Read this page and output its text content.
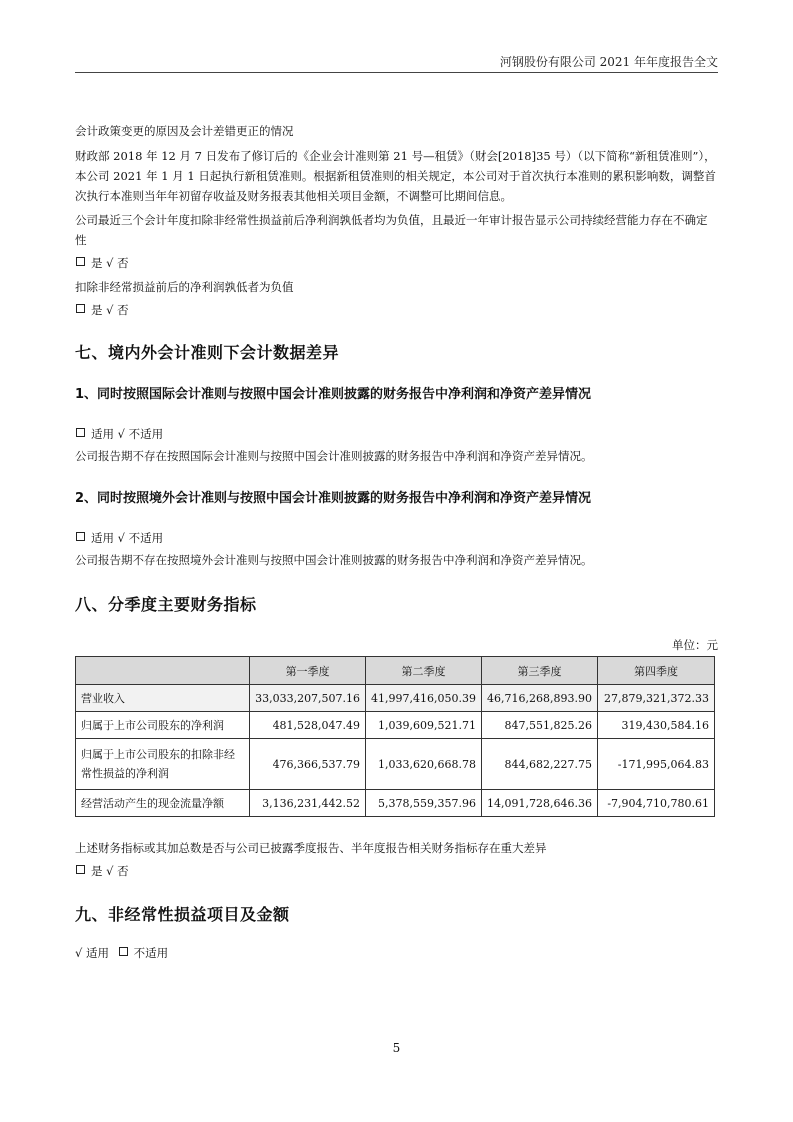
河钢股份有限公司 2021 年年度报告全文
会计政策变更的原因及会计差错更正的情况
财政部 2018 年 12 月 7 日发布了修订后的《企业会计准则第 21 号—租赁》（财会[2018]35 号）（以下简称“新租赁准则”），本公司 2021 年 1 月 1 日起执行新租赁准则。根据新租赁准则的相关规定，本公司对于首次执行本准则的累积影响数，调整首次执行本准则当年年初留存收益及财务报表其他相关项目金额，不调整可比期间信息。
公司最近三个会计年度扣除非经常性损益前后净利润孰低者均为负值，且最近一年审计报告显示公司持续经营能力存在不确定性
是 √ 否
扣除非经常损益前后的净利润孰低者为负值
是 √ 否
七、境内外会计准则下会计数据差异
1、同时按照国际会计准则与按照中国会计准则披露的财务报告中净利润和净资产差异情况
适用 √ 不适用
公司报告期不存在按照国际会计准则与按照中国会计准则披露的财务报告中净利润和净资产差异情况。
2、同时按照境外会计准则与按照中国会计准则披露的财务报告中净利润和净资产差异情况
适用 √ 不适用
公司报告期不存在按照境外会计准则与按照中国会计准则披露的财务报告中净利润和净资产差异情况。
八、分季度主要财务指标
单位：元
	第一季度	第二季度	第三季度	第四季度
营业收入	33,033,207,507.16	41,997,416,050.39	46,716,268,893.90	27,879,321,372.33
归属于上市公司股东的净利润	481,528,047.49	1,039,609,521.71	847,551,825.26	319,430,584.16
归属于上市公司股东的扣除非经常性损益的净利润	476,366,537.79	1,033,620,668.78	844,682,227.75	-171,995,064.83
经营活动产生的现金流量净额	3,136,231,442.52	5,378,559,357.96	14,091,728,646.36	-7,904,710,780.61
上述财务指标或其加总数是否与公司已披露季度报告、半年度报告相关财务指标存在重大差异
是 √ 否
九、非经常性损益项目及金额
√ 适用 不适用
5
